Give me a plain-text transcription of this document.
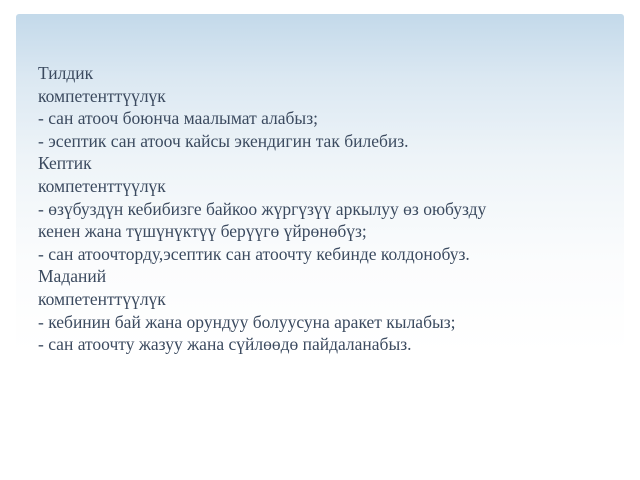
Тилдик
компетенттүүлүк
- сан атооч боюнча маалымат алабыз;
- эсептик сан атооч кайсы экендигин так билебиз.
Кептик
компетенттүүлүк
- өзүбуздүн кебибизге байкоо жүргүзүү аркылуу өз оюбузду
кенен жана түшүнүктүү берүүгө үйрөнөбүз;
- сан атоочторду,эсептик сан атоочту кебинде колдонобуз.
Маданий
компетенттүүлүк
- кебинин бай жана орундуу болуусуна аракет кылабыз;
- сан атоочту жазуу жана сүйлөөдө пайдаланабыз.
